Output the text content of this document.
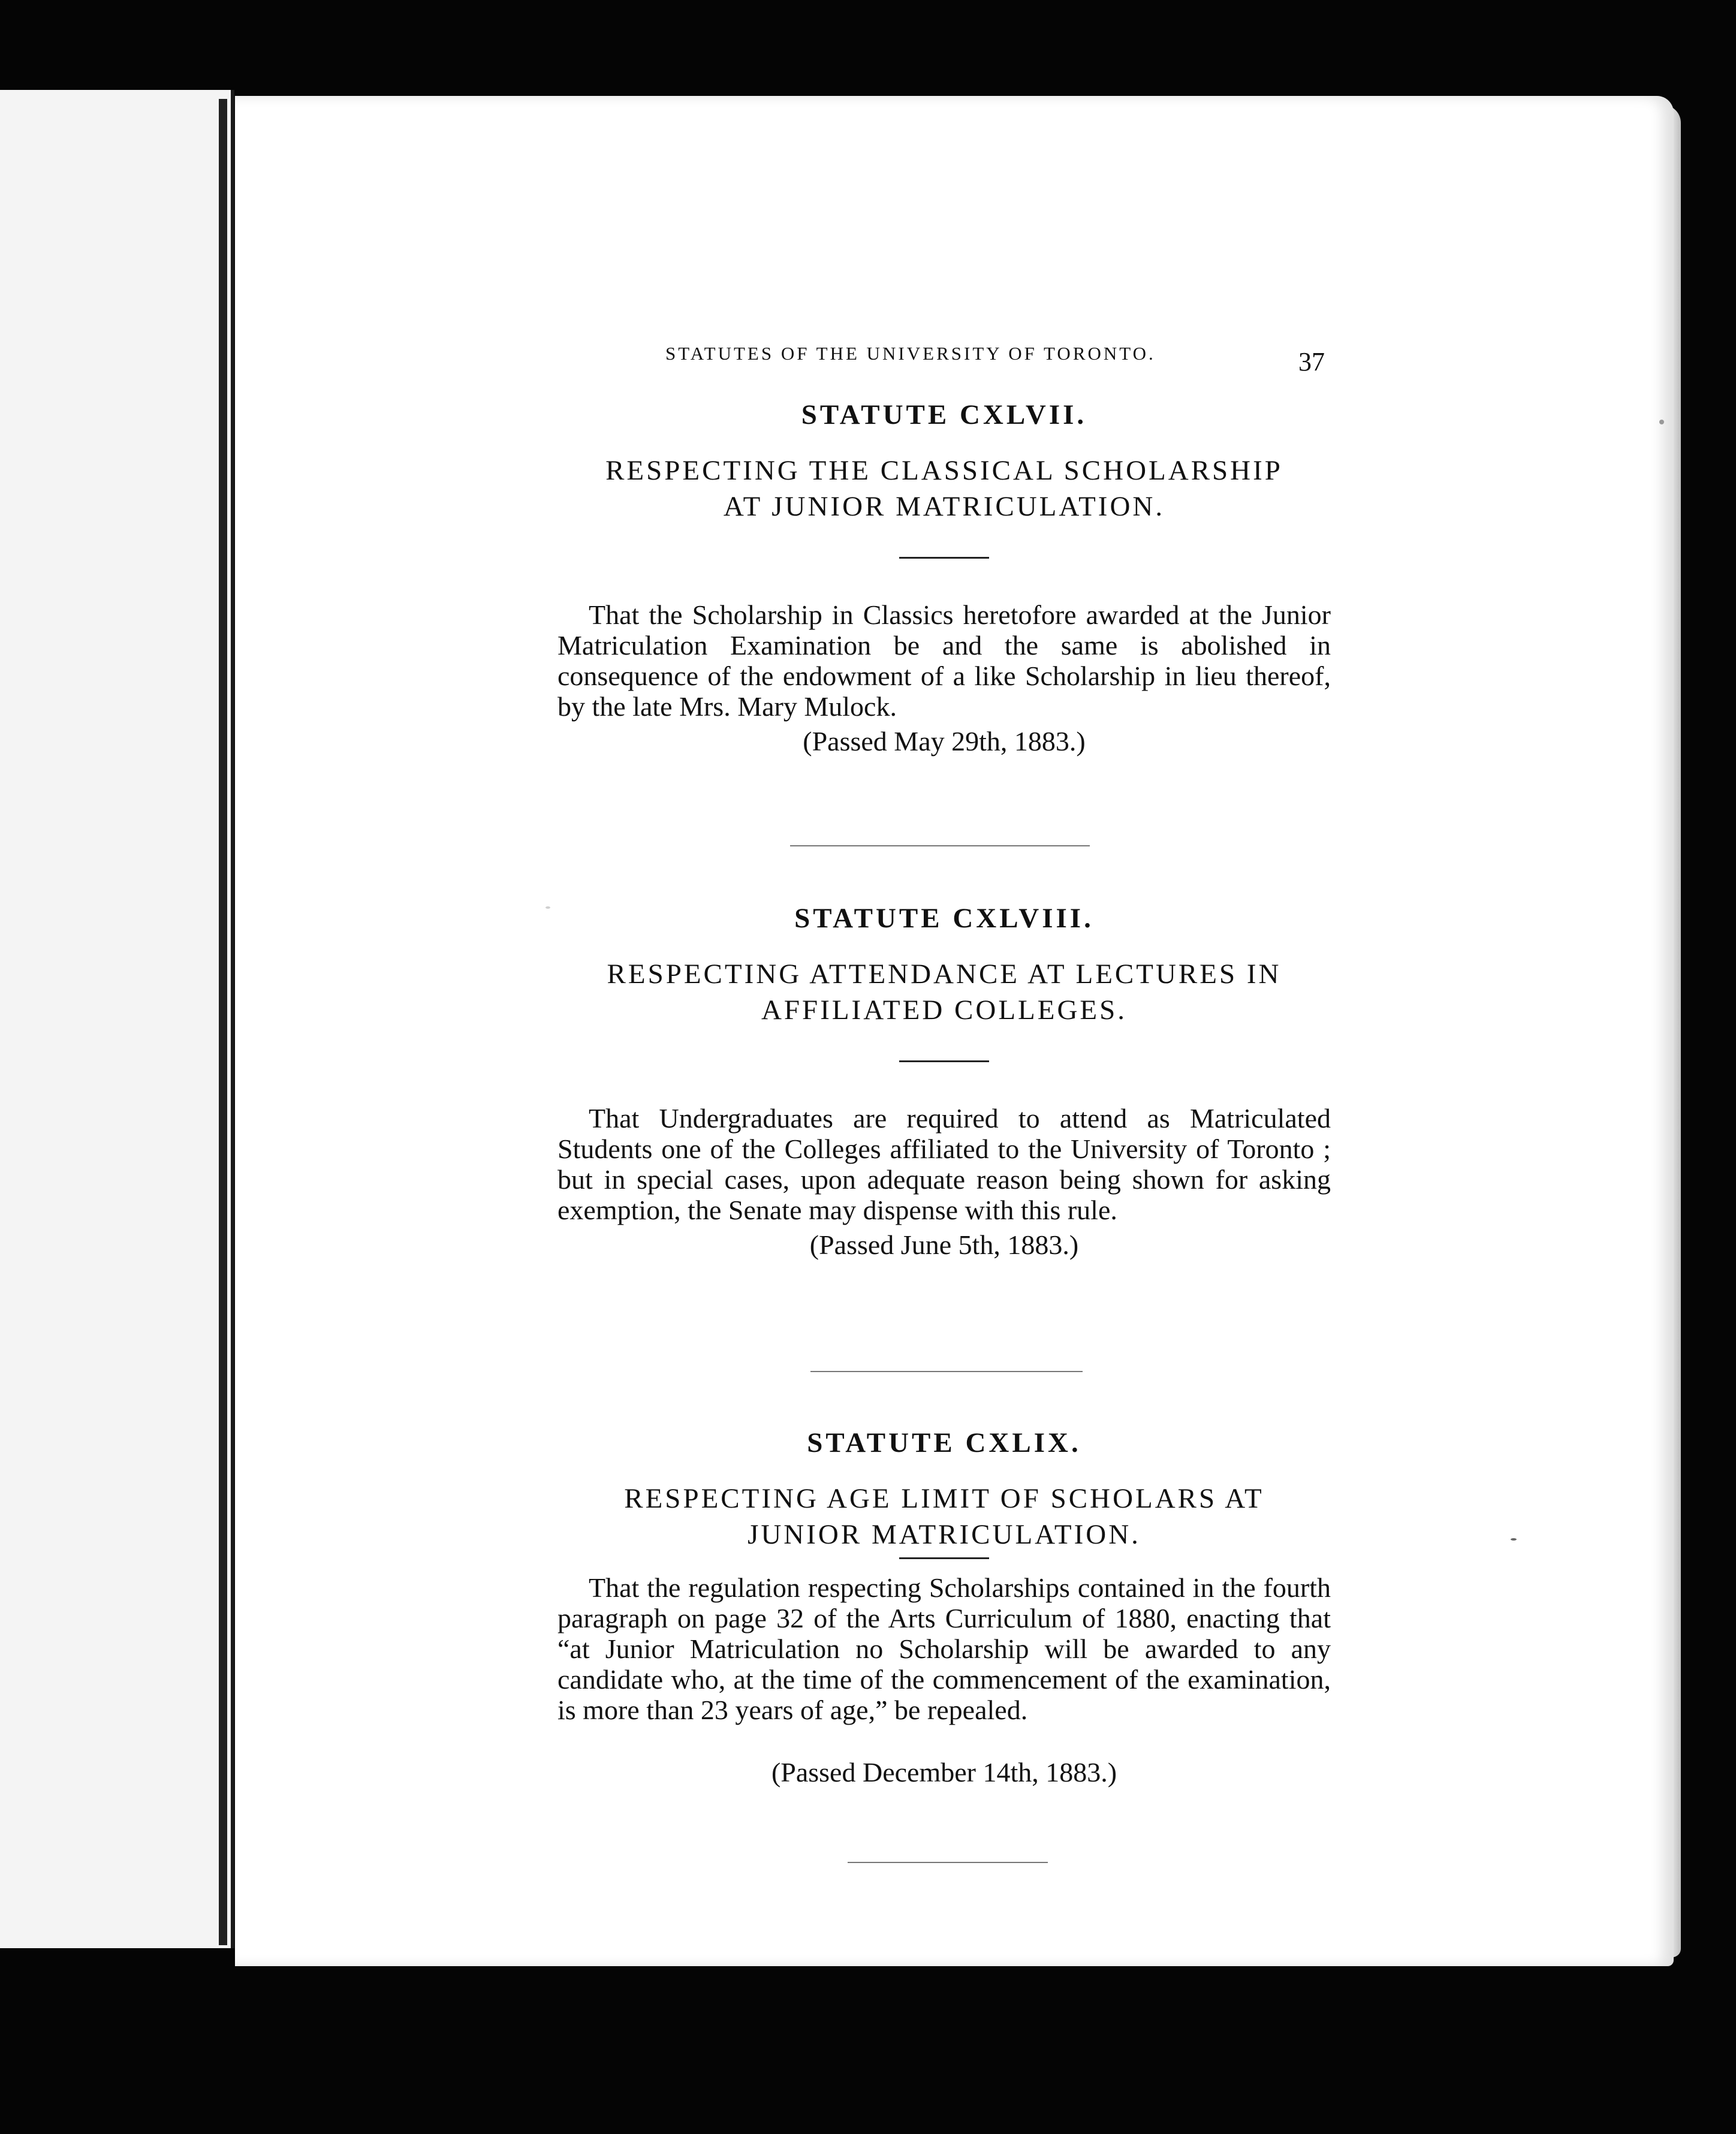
STATUTES OF THE UNIVERSITY OF TORONTO.	37
STATUTE CXLVII.
RESPECTING THE CLASSICAL SCHOLARSHIP
AT JUNIOR MATRICULATION.

That the Scholarship in Classics heretofore awarded at the Junior Matriculation Examination be and the same is abolished in consequence of the endowment of a like Scholarship in lieu thereof, by the late Mrs. Mary Mulock.

(Passed May 29th, 1883.)

STATUTE CXLVIII.
RESPECTING ATTENDANCE AT LECTURES IN
AFFILIATED COLLEGES.

That Undergraduates are required to attend as Matriculated Students one of the Colleges affiliated to the University of Toronto ; but in special cases, upon adequate reason being shown for asking exemption, the Senate may dispense with this rule.

(Passed June 5th, 1883.)

STATUTE CXLIX.
RESPECTING AGE LIMIT OF SCHOLARS AT
JUNIOR MATRICULATION.

That the regulation respecting Scholarships contained in the fourth paragraph on page 32 of the Arts Curriculum of 1880, enacting that “at Junior Matriculation no Scholarship will be awarded to any candidate who, at the time of the commencement of the examination, is more than 23 years of age,” be repealed.

(Passed December 14th, 1883.)
